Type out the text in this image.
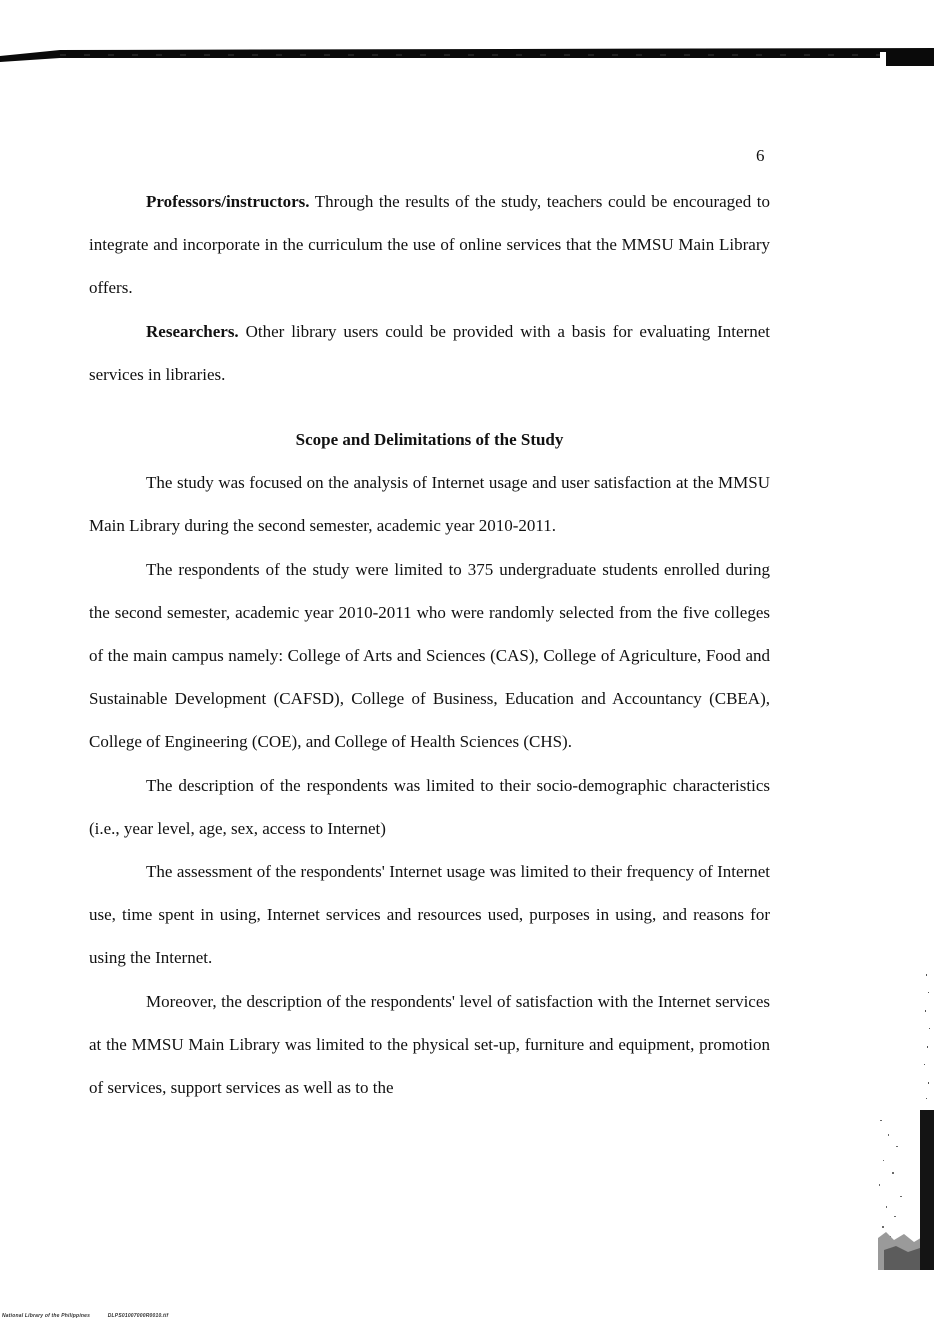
6

Professors/instructors. Through the results of the study, teachers could be encouraged to integrate and incorporate in the curriculum the use of online services that the MMSU Main Library offers.

Researchers. Other library users could be provided with a basis for evaluating Internet services in libraries.

Scope and Delimitations of the Study

The study was focused on the analysis of Internet usage and user satisfaction at the MMSU Main Library during the second semester, academic year 2010-2011.

The respondents of the study were limited to 375 undergraduate students enrolled during the second semester, academic year 2010-2011 who were randomly selected from the five colleges of the main campus namely: College of Arts and Sciences (CAS), College of Agriculture, Food and Sustainable Development (CAFSD), College of Business, Education and Accountancy (CBEA), College of Engineering (COE), and College of Health Sciences (CHS).

The description of the respondents was limited to their socio-demographic characteristics (i.e., year level, age, sex, access to Internet)

The assessment of the respondents' Internet usage was limited to their frequency of Internet use, time spent in using, Internet services and resources used, purposes in using, and reasons for using the Internet.

Moreover, the description of the respondents' level of satisfaction with the Internet services at the MMSU Main Library was limited to the physical set-up, furniture and equipment, promotion of services, support services as well as to the

National Library of the Philippines	DLPS01007000R0010.tif
